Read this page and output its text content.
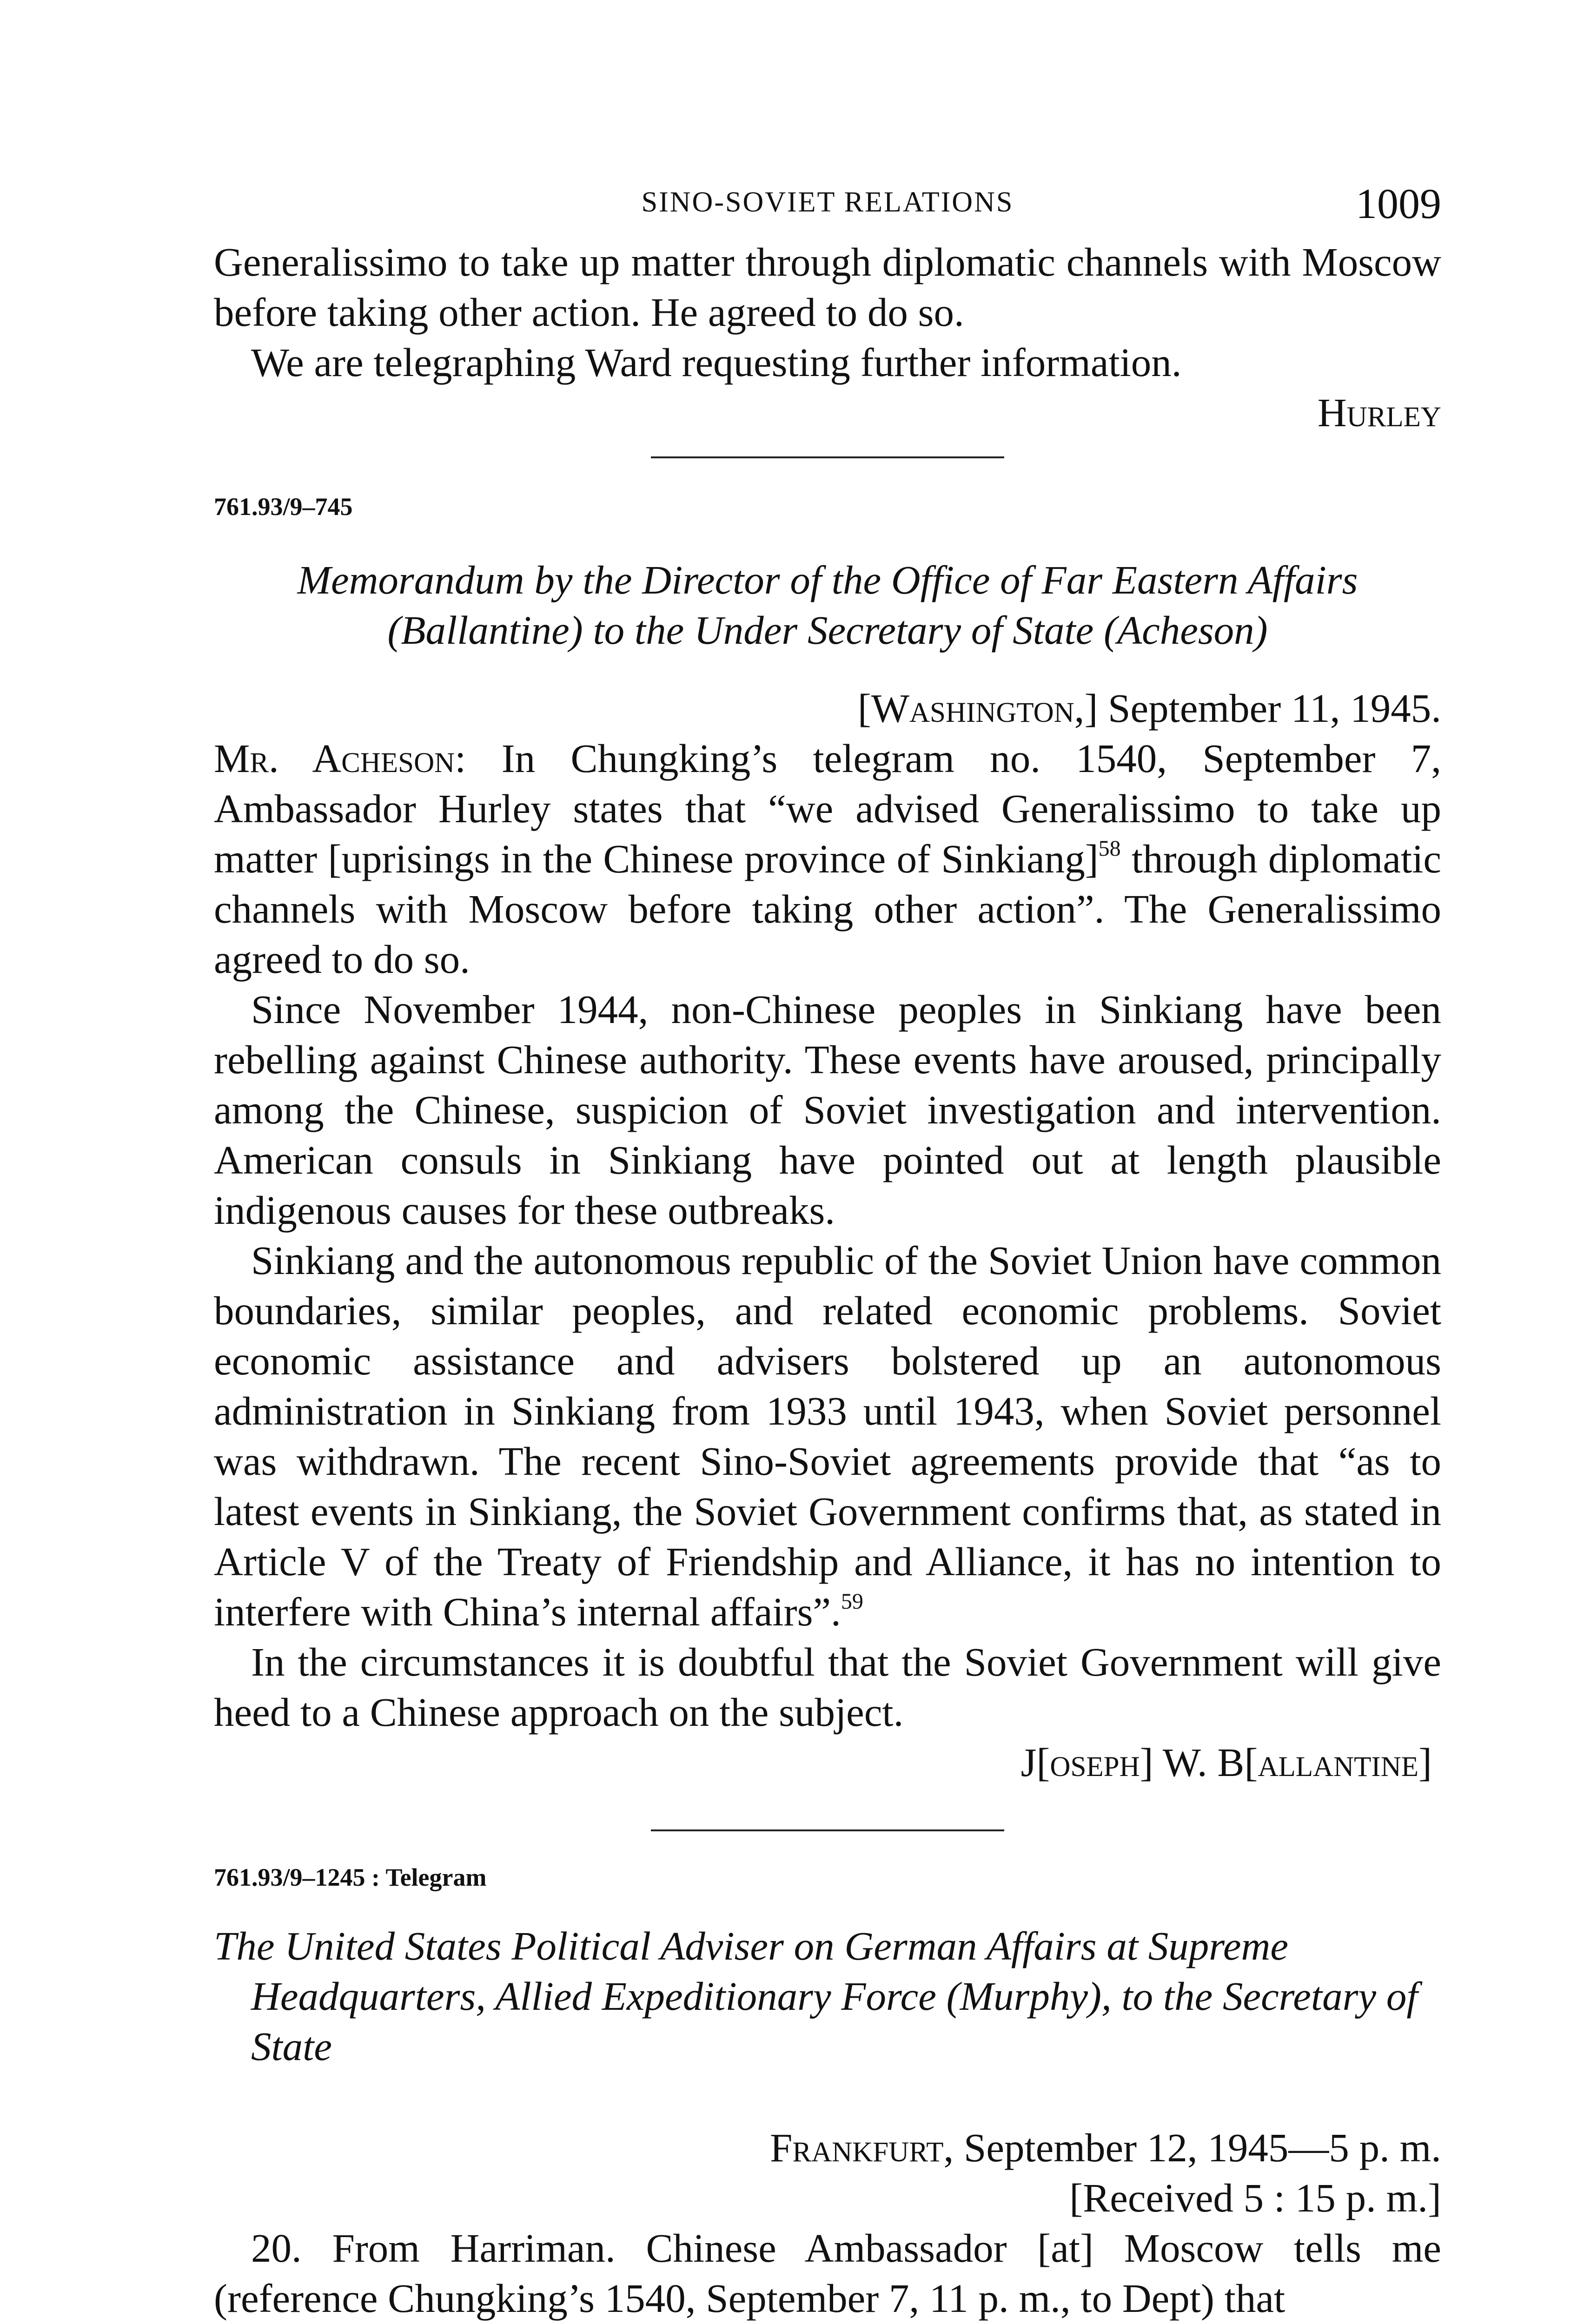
SINO-SOVIET RELATIONS	1009

Generalissimo to take up matter through diplomatic channels with Moscow before taking other action. He agreed to do so.

We are telegraphing Ward requesting further information.

Hurley

761.93/9–745

Memorandum by the Director of the Office of Far Eastern Affairs

(Ballantine) to the Under Secretary of State (Acheson)

[Washington,] September 11, 1945.

Mr. Acheson: In Chungking’s telegram no. 1540, September 7, Ambassador Hurley states that “we advised Generalissimo to take up matter [uprisings in the Chinese province of Sinkiang]$^{58}$ through diplomatic channels with Moscow before taking other action”. The Generalissimo agreed to do so.

Since November 1944, non-Chinese peoples in Sinkiang have been rebelling against Chinese authority. These events have aroused, principally among the Chinese, suspicion of Soviet investigation and intervention. American consuls in Sinkiang have pointed out at length plausible indigenous causes for these outbreaks.

Sinkiang and the autonomous republic of the Soviet Union have common boundaries, similar peoples, and related economic problems. Soviet economic assistance and advisers bolstered up an autonomous administration in Sinkiang from 1933 until 1943, when Soviet personnel was withdrawn. The recent Sino-Soviet agreements provide that “as to latest events in Sinkiang, the Soviet Government confirms that, as stated in Article V of the Treaty of Friendship and Alliance, it has no intention to interfere with China’s internal affairs”.$^{59}$

In the circumstances it is doubtful that the Soviet Government will give heed to a Chinese approach on the subject.

J[oseph] W. B[allantine]

761.93/9–1245 : Telegram

The United States Political Adviser on German Affairs at Supreme Headquarters, Allied Expeditionary Force (Murphy), to the Secretary of State

Frankfurt, September 12, 1945—5 p. m.

[Received 5 : 15 p. m.]

20. From Harriman. Chinese Ambassador [at] Moscow tells me (reference Chungking’s 1540, September 7, 11 p. m., to Dept) that
